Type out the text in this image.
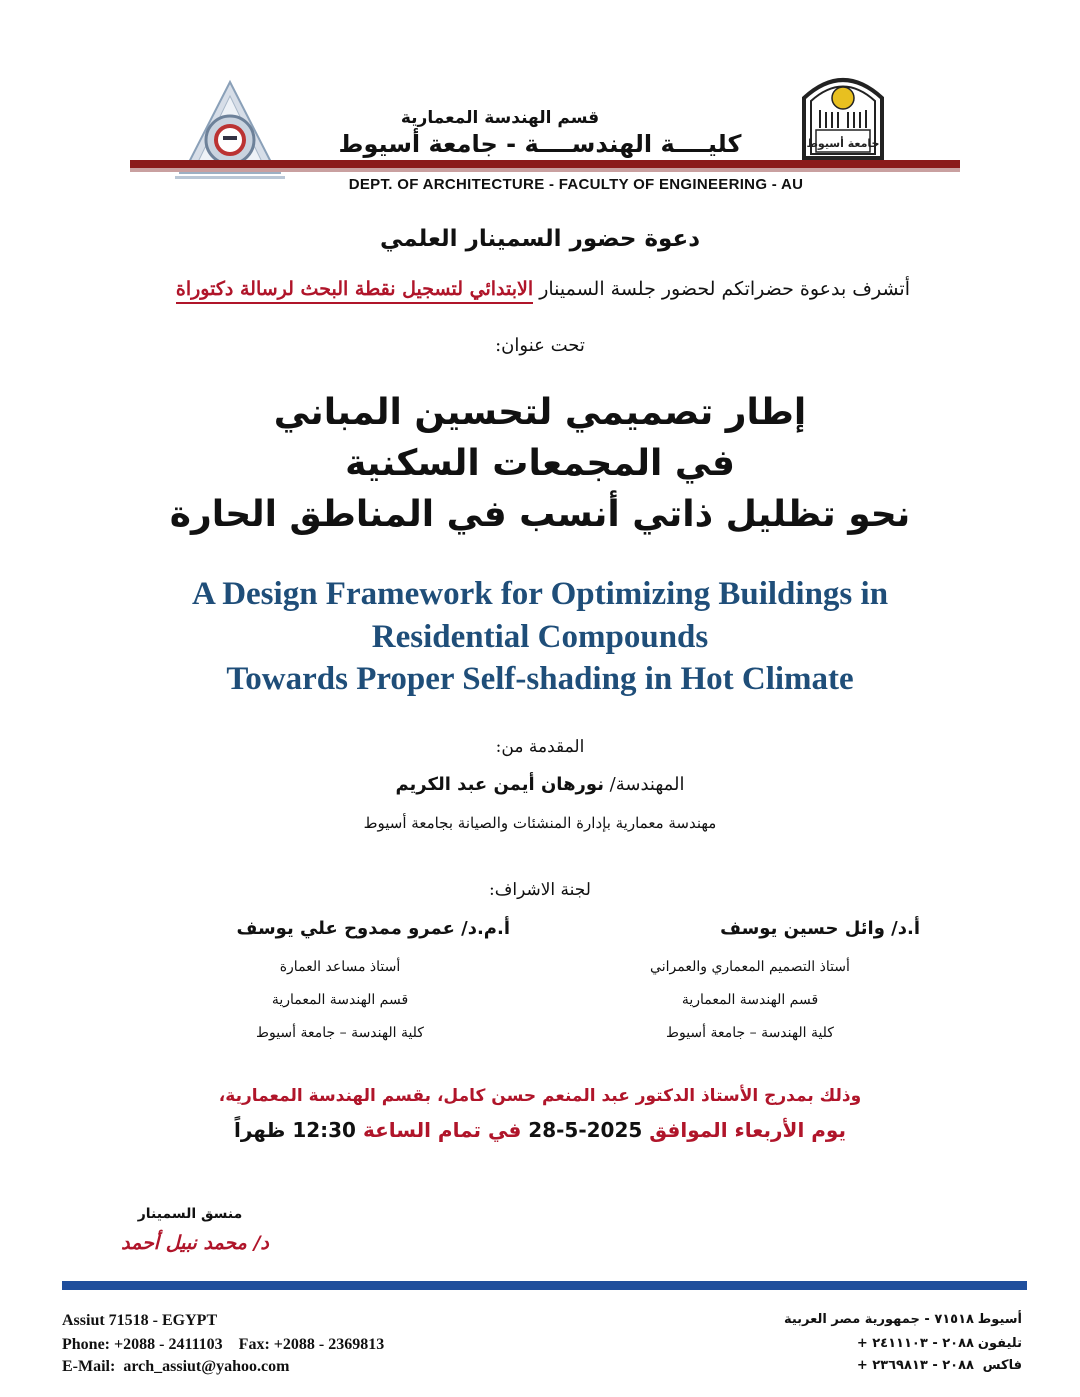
جامعة أسيوط
قسم الهندسة المعمارية
كليــــة الهندســــة - جامعة أسيوط
DEPT. OF ARCHITECTURE - FACULTY OF ENGINEERING - AU
دعوة حضور السمينار العلمي
أتشرف بدعوة حضراتكم لحضور جلسة السمينار الابتدائي لتسجيل نقطة البحث لرسالة دكتوراة
تحت عنوان:
إطار تصميمي لتحسين المباني
في المجمعات السكنية
نحو تظليل ذاتي أنسب في المناطق الحارة
A Design Framework for Optimizing Buildings in
Residential Compounds
Towards Proper Self-shading in Hot Climate
المقدمة من:
المهندسة/ نورهان أيمن عبد الكريم
مهندسة معمارية بإدارة المنشئات والصيانة بجامعة أسيوط
لجنة الاشراف:
أ.د/ وائل حسين يوسف
أستاذ التصميم المعماري والعمراني
قسم الهندسة المعمارية
كلية الهندسة – جامعة أسيوط
أ.م.د/ عمرو ممدوح علي يوسف
أستاذ مساعد العمارة
قسم الهندسة المعمارية
كلية الهندسة – جامعة أسيوط
وذلك بمدرج الأستاذ الدكتور عبد المنعم حسن كامل، بقسم الهندسة المعمارية،
يوم الأربعاء الموافق 28-5-2025 في تمام الساعة 12:30 ظهراً
منسق السمينار
د/ محمد نبيل أحمد
Assiut 71518 - EGYPT
Phone: +2088 - 2411103    Fax: +2088 - 2369813
E-Mail:  arch_assiut@yahoo.com
أسيوط٧١٥١٨ - جمهورية مصر العربية
تليفون٢٠٨٨ - ٢٤١١١٠٣ +
فاكس٢٠٨٨ - ٢٣٦٩٨١٣ +
